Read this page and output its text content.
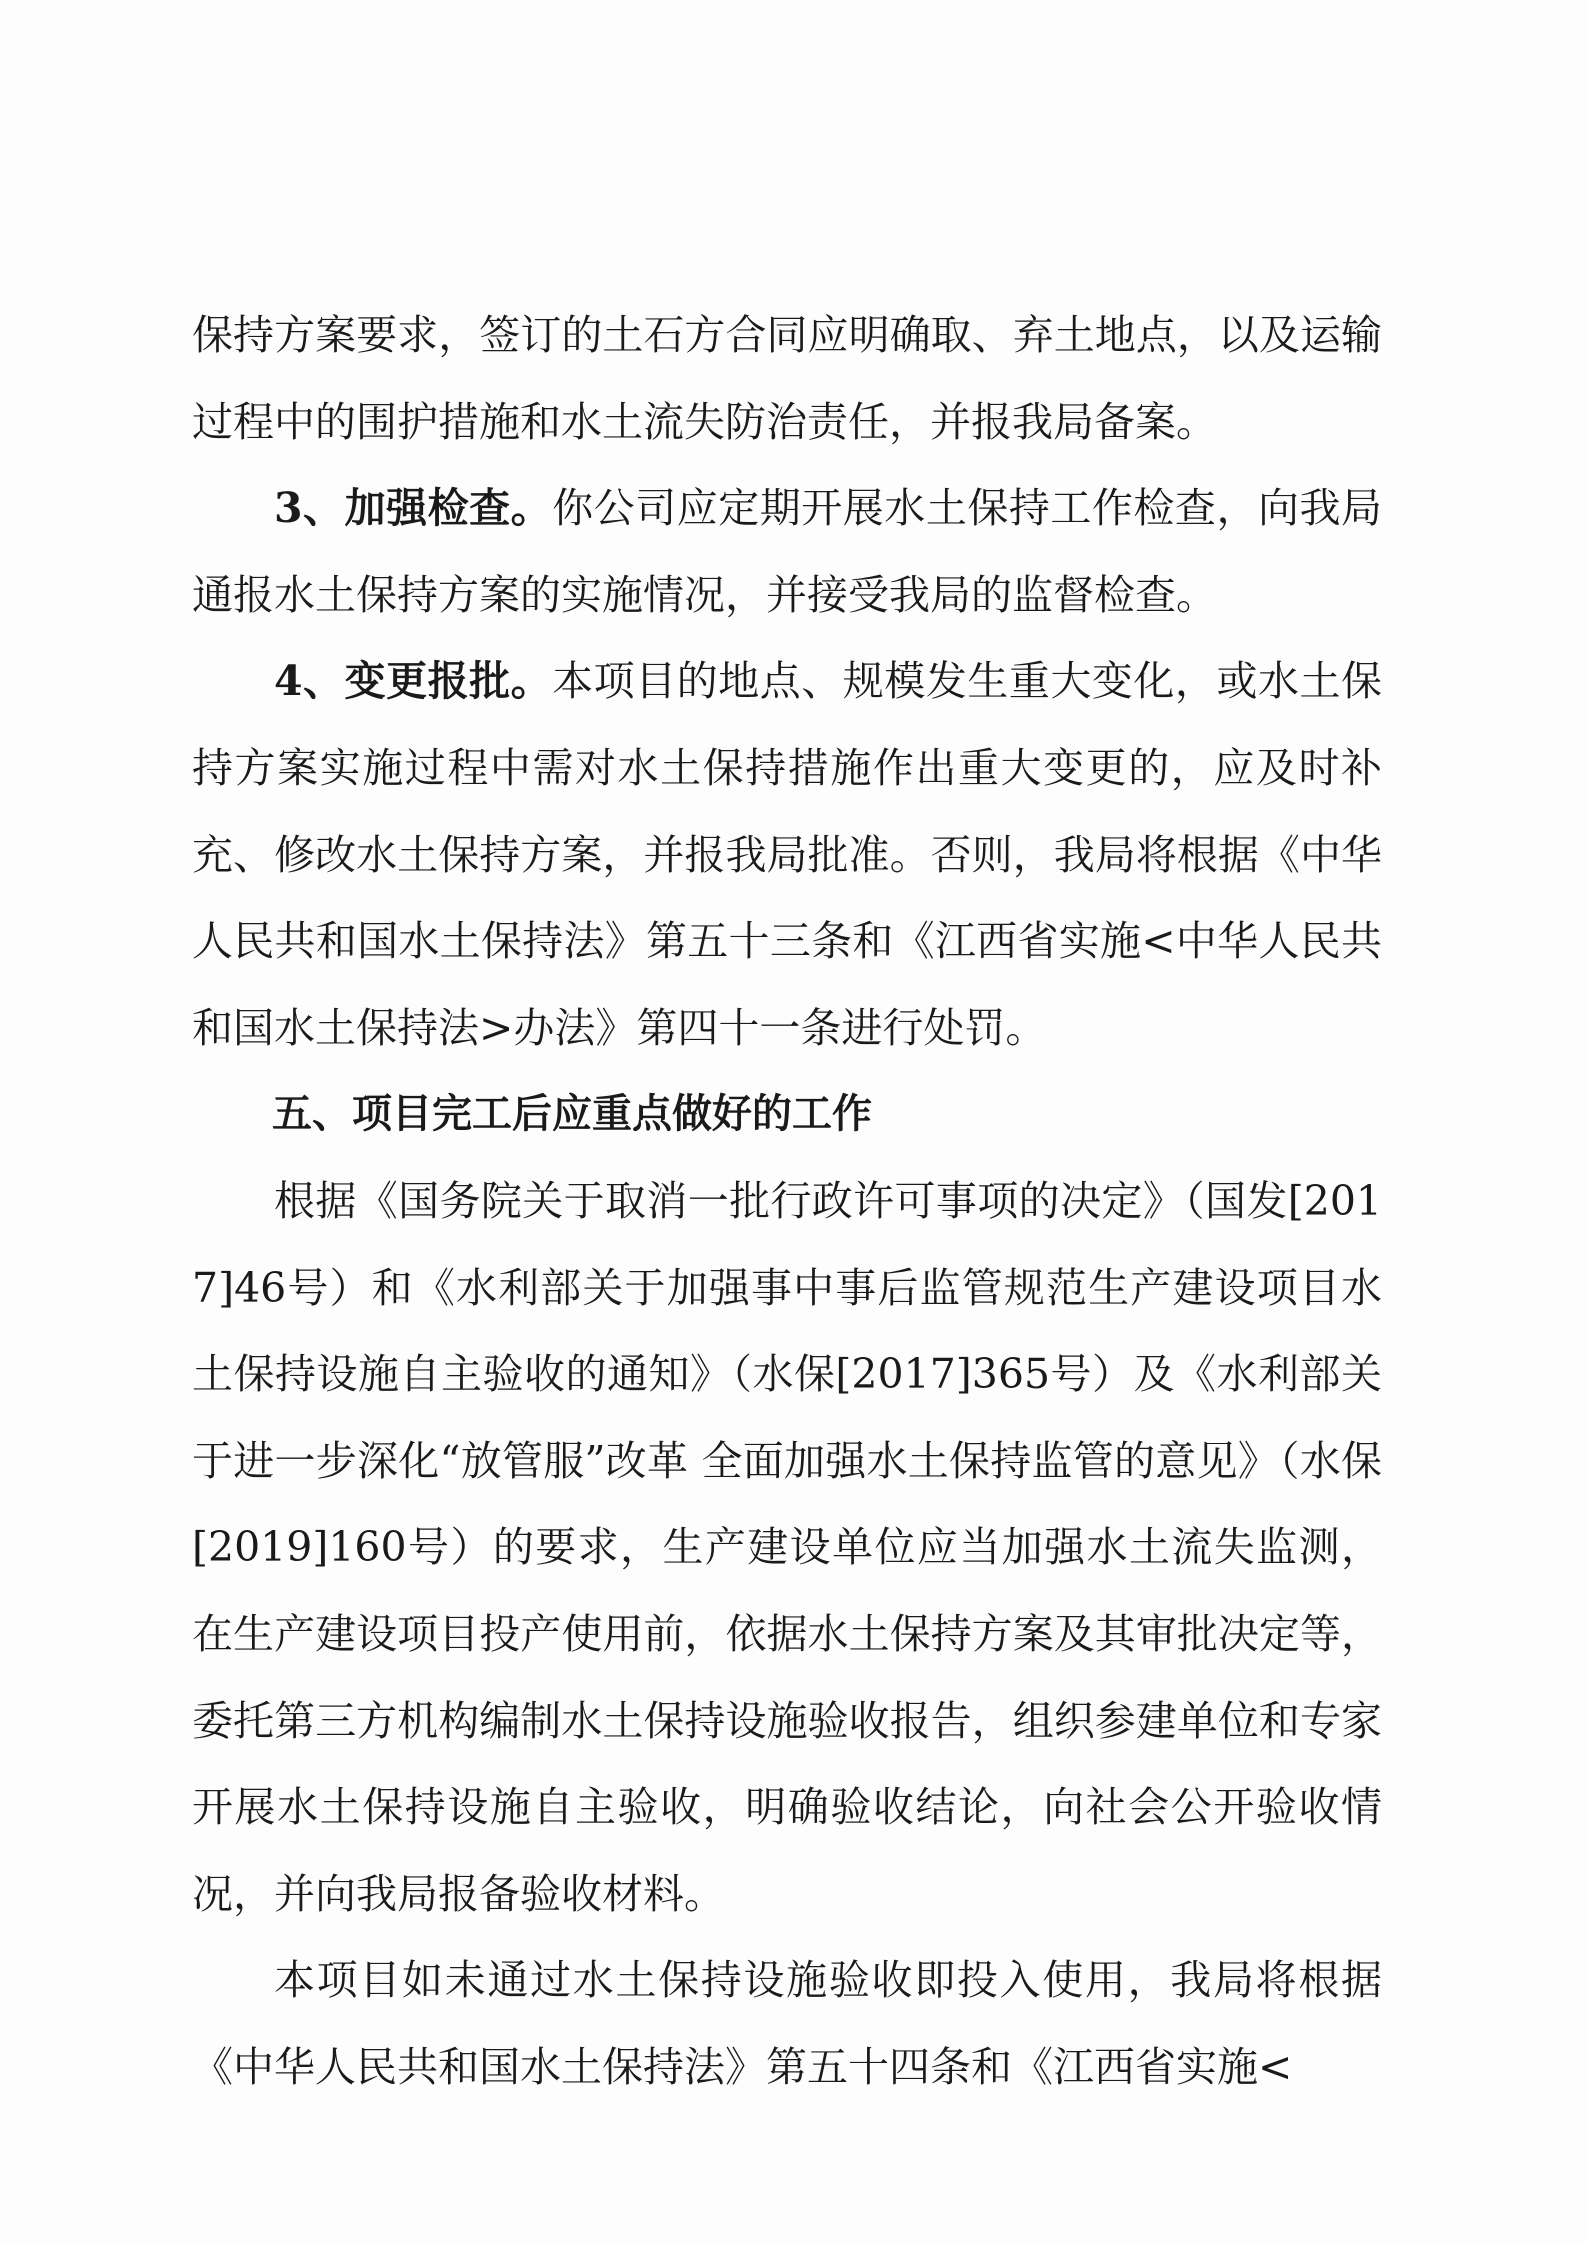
保持方案要求，签订的土石方合同应明确取、弃土地点，以及运输过程中的围护措施和水土流失防治责任，并报我局备案。

3、加强检查。你公司应定期开展水土保持工作检查，向我局通报水土保持方案的实施情况，并接受我局的监督检查。

4、变更报批。本项目的地点、规模发生重大变化，或水土保持方案实施过程中需对水土保持措施作出重大变更的，应及时补充、修改水土保持方案，并报我局批准。否则，我局将根据《中华人民共和国水土保持法》第五十三条和《江西省实施<中华人民共和国水土保持法>办法》第四十一条进行处罚。

五、项目完工后应重点做好的工作

根据《国务院关于取消一批行政许可事项的决定》（国发[2017]46号）和《水利部关于加强事中事后监管规范生产建设项目水土保持设施自主验收的通知》（水保[2017]365号）及《水利部关于进一步深化“放管服”改革 全面加强水土保持监管的意见》（水保[2019]160号）的要求，生产建设单位应当加强水土流失监测，在生产建设项目投产使用前，依据水土保持方案及其审批决定等，委托第三方机构编制水土保持设施验收报告，组织参建单位和专家开展水土保持设施自主验收，明确验收结论，向社会公开验收情况，并向我局报备验收材料。

本项目如未通过水土保持设施验收即投入使用，我局将根据《中华人民共和国水土保持法》第五十四条和《江西省实施<
